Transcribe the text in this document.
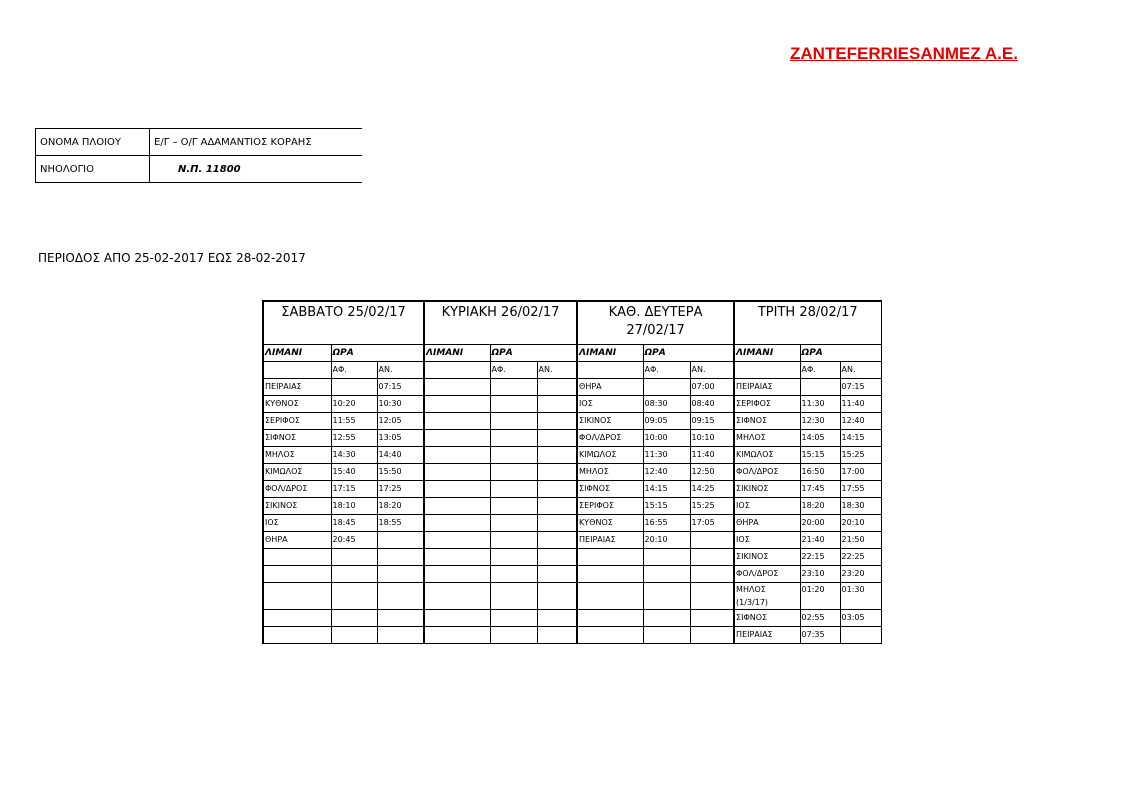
ZANTEFERRIESANMEZ A.E.
ΟΝΟΜΑ ΠΛΟΙΟΥ	Ε/Γ – Ο/Γ ΑΔΑΜΑΝΤΙΟΣ ΚΟΡΑΗΣ
ΝΗΟΛΟΓΙΟ	Ν.Π. 11800
ΠΕΡΙΟΔΟΣ ΑΠΟ 25-02-2017 ΕΩΣ 28-02-2017
ΣΑΒΒΑΤΟ 25/02/17			ΚΥΡΙΑΚΗ 26/02/17			ΚΑΘ. ΔΕΥΤΕΡΑ 27/02/17			ΤΡΙΤΗ 28/02/17		
ΛΙΜΑΝΙ	ΩΡΑ		ΛΙΜΑΝΙ	ΩΡΑ		ΛΙΜΑΝΙ	ΩΡΑ		ΛΙΜΑΝΙ	ΩΡΑ	
	ΑΦ.	ΑΝ.		ΑΦ.	ΑΝ.		ΑΦ.	ΑΝ.		ΑΦ.	ΑΝ.
ΠΕΙΡΑΙΑΣ		07:15				ΘΗΡΑ		07:00	ΠΕΙΡΑΙΑΣ		07:15
ΚΥΘΝΟΣ	10:20	10:30				ΙΟΣ	08:30	08:40	ΣΕΡΙΦΟΣ	11:30	11:40
ΣΕΡΙΦΟΣ	11:55	12:05				ΣΙΚΙΝΟΣ	09:05	09:15	ΣΙΦΝΟΣ	12:30	12:40
ΣΙΦΝΟΣ	12:55	13:05				ΦΟΛ/ΔΡΟΣ	10:00	10:10	ΜΗΛΟΣ	14:05	14:15
ΜΗΛΟΣ	14:30	14:40				ΚΙΜΩΛΟΣ	11:30	11:40	ΚΙΜΩΛΟΣ	15:15	15:25
ΚΙΜΩΛΟΣ	15:40	15:50				ΜΗΛΟΣ	12:40	12:50	ΦΟΛ/ΔΡΟΣ	16:50	17:00
ΦΟΛ/ΔΡΟΣ	17:15	17:25				ΣΙΦΝΟΣ	14:15	14:25	ΣΙΚΙΝΟΣ	17:45	17:55
ΣΙΚΙΝΟΣ	18:10	18:20				ΣΕΡΙΦΟΣ	15:15	15:25	ΙΟΣ	18:20	18:30
ΙΟΣ	18:45	18:55				ΚΥΘΝΟΣ	16:55	17:05	ΘΗΡΑ	20:00	20:10
ΘΗΡΑ	20:45					ΠΕΙΡΑΙΑΣ	20:10		ΙΟΣ	21:40	21:50
									ΣΙΚΙΝΟΣ	22:15	22:25
									ΦΟΛ/ΔΡΟΣ	23:10	23:20
									ΜΗΛΟΣ (1/3/17)	01:20	01:30
									ΣΙΦΝΟΣ	02:55	03:05
									ΠΕΙΡΑΙΑΣ	07:35	
